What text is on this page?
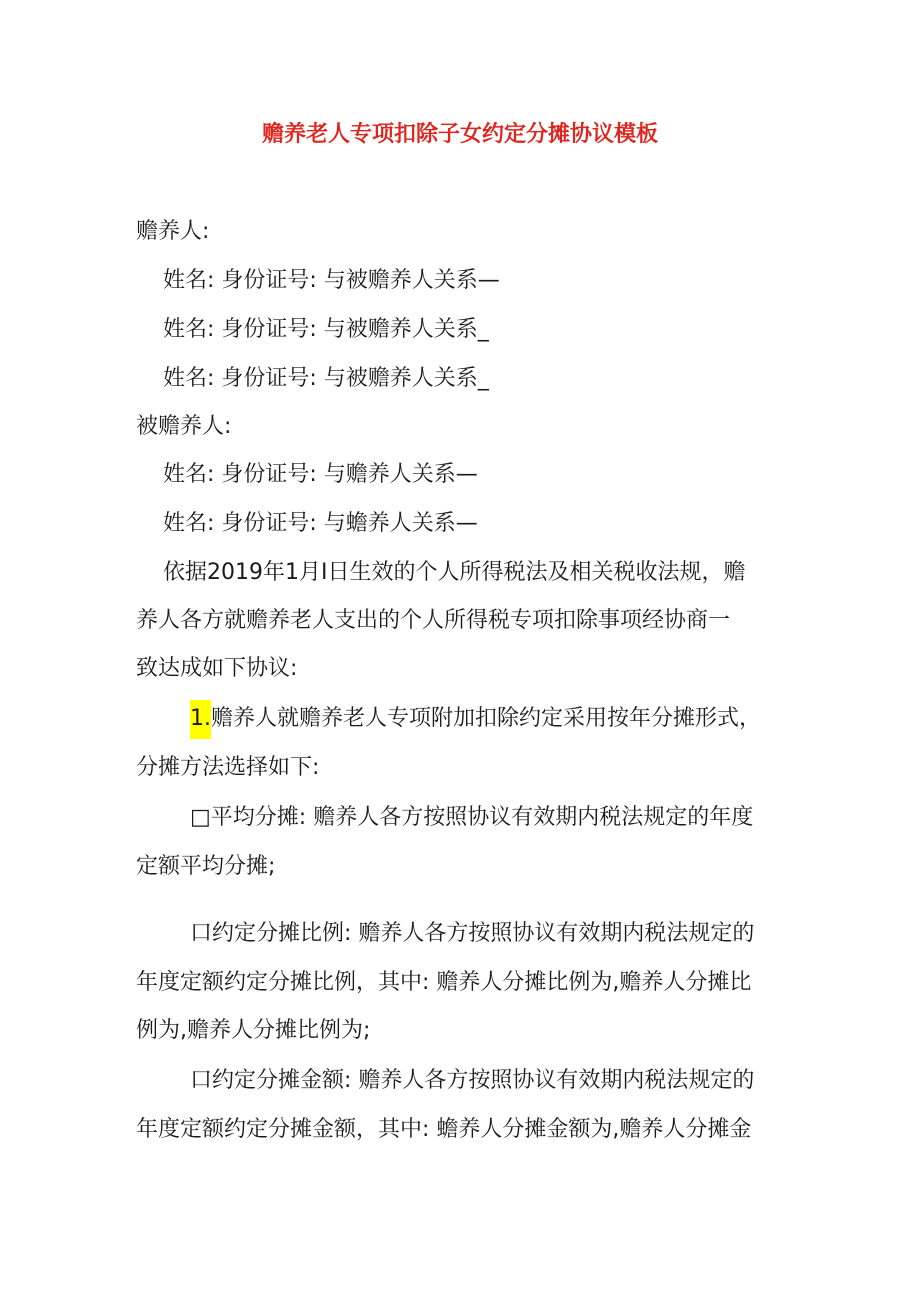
赡养老人专项扣除子女约定分摊协议模板
赡养人:
姓名: 身份证号: 与被赡养人关系—
姓名: 身份证号: 与被赡养人关系_
姓名: 身份证号: 与被赡养人关系_
被赡养人:
姓名: 身份证号: 与赡养人关系—
姓名: 身份证号: 与蟾养人关系—
依据2019年1月I日生效的个人所得税法及相关税收法规，赡
养人各方就赡养老人支出的个人所得税专项扣除事项经协商一
致达成如下协议:
1.赡养人就赡养老人专项附加扣除约定采用按年分摊形式，
分摊方法选择如下:
□平均分摊: 赡养人各方按照协议有效期内税法规定的年度
定额平均分摊;
口约定分摊比例: 赡养人各方按照协议有效期内税法规定的
年度定额约定分摊比例，其中: 赡养人分摊比例为,赡养人分摊比
例为,赡养人分摊比例为;
口约定分摊金额: 赡养人各方按照协议有效期内税法规定的
年度定额约定分摊金额，其中: 蟾养人分摊金额为,赡养人分摊金
